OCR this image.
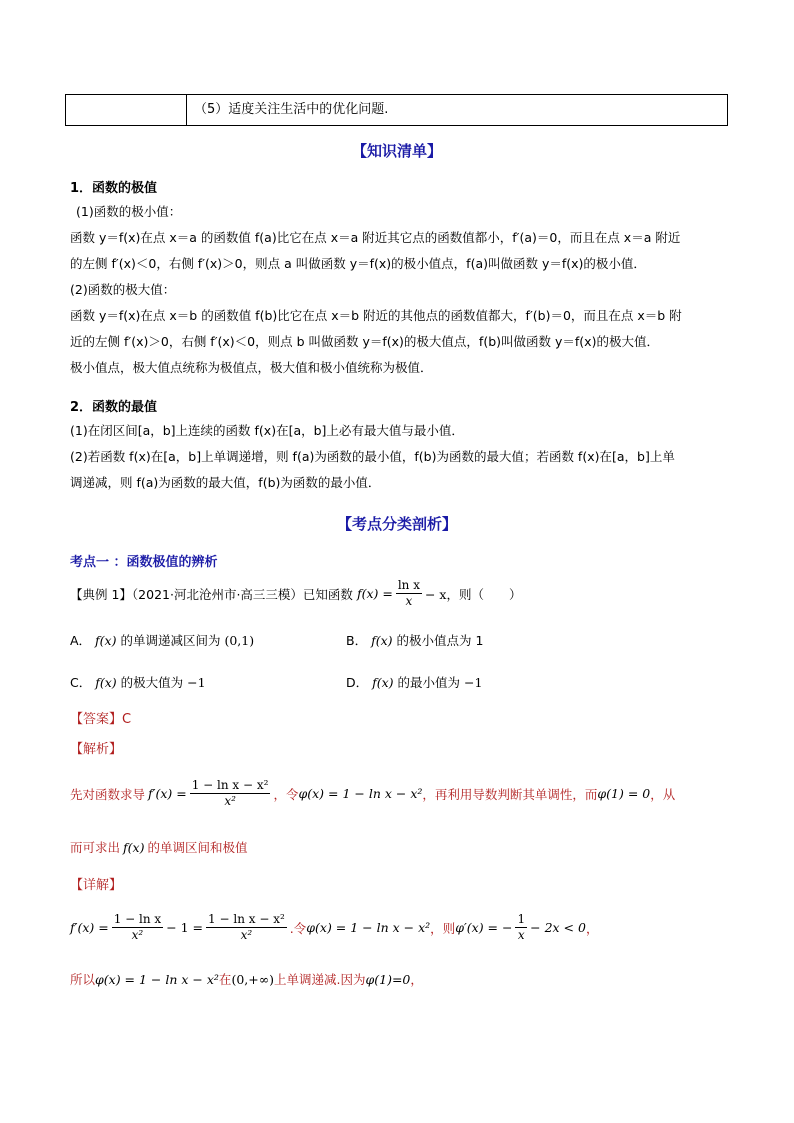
（5）适度关注生活中的优化问题.
【知识清单】
1．函数的极值
(1)函数的极小值：
函数 y＝f(x)在点 x＝a 的函数值 f(a)比它在点 x＝a 附近其它点的函数值都小，f′(a)＝0，而且在点 x＝a 附近
的左侧 f′(x)＜0，右侧 f′(x)＞0，则点 a 叫做函数 y＝f(x)的极小值点，f(a)叫做函数 y＝f(x)的极小值．
(2)函数的极大值：
函数 y＝f(x)在点 x＝b 的函数值 f(b)比它在点 x＝b 附近的其他点的函数值都大，f′(b)＝0，而且在点 x＝b 附
近的左侧 f′(x)＞0，右侧 f′(x)＜0，则点 b 叫做函数 y＝f(x)的极大值点，f(b)叫做函数 y＝f(x)的极大值．
极小值点，极大值点统称为极值点，极大值和极小值统称为极值．
2．函数的最值
(1)在闭区间[a，b]上连续的函数 f(x)在[a，b]上必有最大值与最小值．
(2)若函数 f(x)在[a，b]上单调递增，则 f(a)为函数的最小值，f(b)为函数的最大值；若函数 f(x)在[a，b]上单
调递减，则 f(a)为函数的最大值，f(b)为函数的最小值．
【考点分类剖析】
考点一 ：函数极值的辨析
【典例 1】（2021·河北沧州市·高三三模）已知函数 $f(x) = \frac{\text{ln x}}{x} - x$，则（　　）
A． f(x) 的单调递减区间为 (0,1)	B． f(x) 的极小值点为 1
C． f(x) 的极大值为 −1	D． f(x) 的最小值为 −1
【答案】C
【解析】
先对函数求导 $f'(x) = \frac{\text{1 − ln x − x²}}{\text{x²}}$ ，令 φ(x) = 1 − ln x − x² ，再利用导数判断其单调性，而 φ(1) = 0 ，从
而可求出 f(x) 的单调区间和极值
【详解】
$f'(x) = \frac{\text{1 − ln x}}{\text{x²}} - 1 = \frac{\text{1 − ln x − x²}}{\text{x²}}$ .令 φ(x) = 1 − ln x − x² ，则 φ′(x) = − $\frac{1}{x} - 2x < 0$ ，
所以 φ(x) = 1 − ln x − x² 在 (0,+∞) 上单调递减.因为 φ(1)=0 ，
